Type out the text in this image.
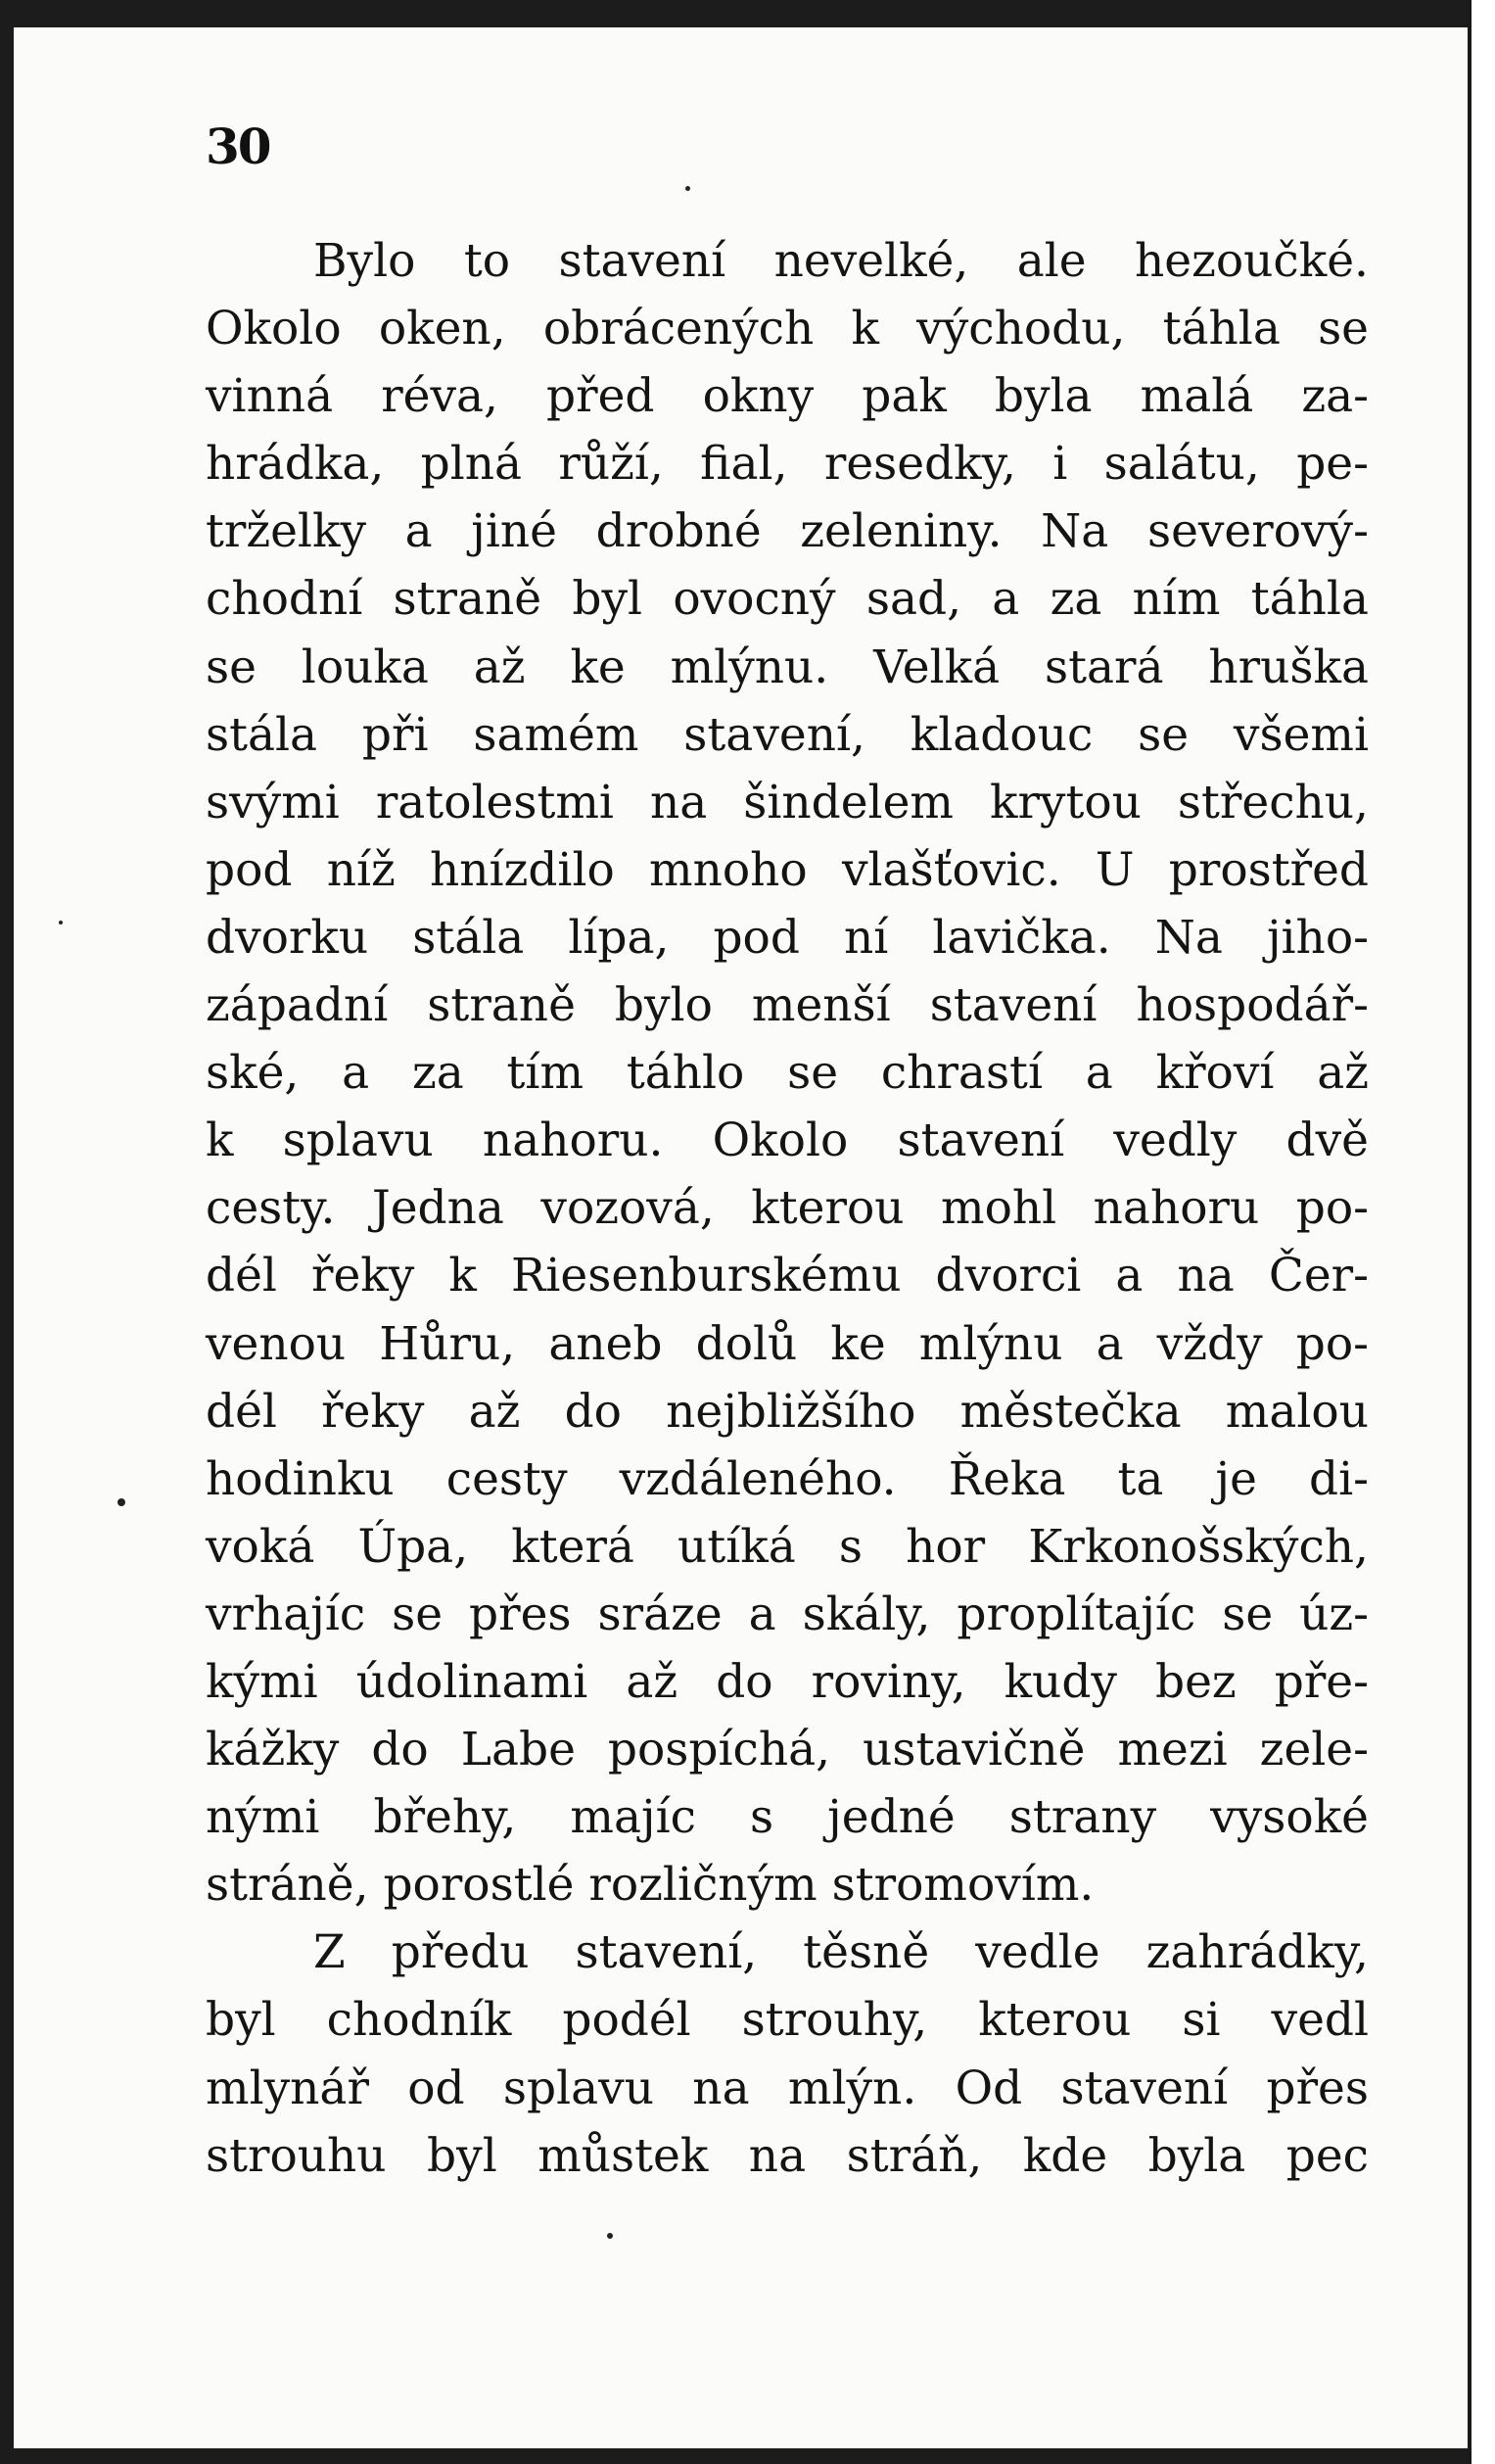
30
Bylo to stavení nevelké, ale hezoučké.
Okolo oken, obrácených k východu, táhla se
vinná réva, před okny pak byla malá za-
hrádka, plná růží, fial, resedky, i salátu, pe-
trželky a jiné drobné zeleniny. Na severový-
chodní straně byl ovocný sad, a za ním táhla
se louka až ke mlýnu. Velká stará hruška
stála při samém stavení, kladouc se všemi
svými ratolestmi na šindelem krytou střechu,
pod níž hnízdilo mnoho vlašťovic. U prostřed
dvorku stála lípa, pod ní lavička. Na jiho-
západní straně bylo menší stavení hospodář-
ské, a za tím táhlo se chrastí a křoví až
k splavu nahoru. Okolo stavení vedly dvě
cesty. Jedna vozová, kterou mohl nahoru po-
dél řeky k Riesenburskému dvorci a na Čer-
venou Hůru, aneb dolů ke mlýnu a vždy po-
dél řeky až do nejbližšího městečka malou
hodinku cesty vzdáleného. Řeka ta je di-
voká Úpa, která utíká s hor Krkonošských,
vrhajíc se přes sráze a skály, proplítajíc se úz-
kými údolinami až do roviny, kudy bez pře-
kážky do Labe pospíchá, ustavičně mezi zele-
nými břehy, majíc s jedné strany vysoké
stráně, porostlé rozličným stromovím.
Z předu stavení, těsně vedle zahrádky,
byl chodník podél strouhy, kterou si vedl
mlynář od splavu na mlýn. Od stavení přes
strouhu byl můstek na stráň, kde byla pec
